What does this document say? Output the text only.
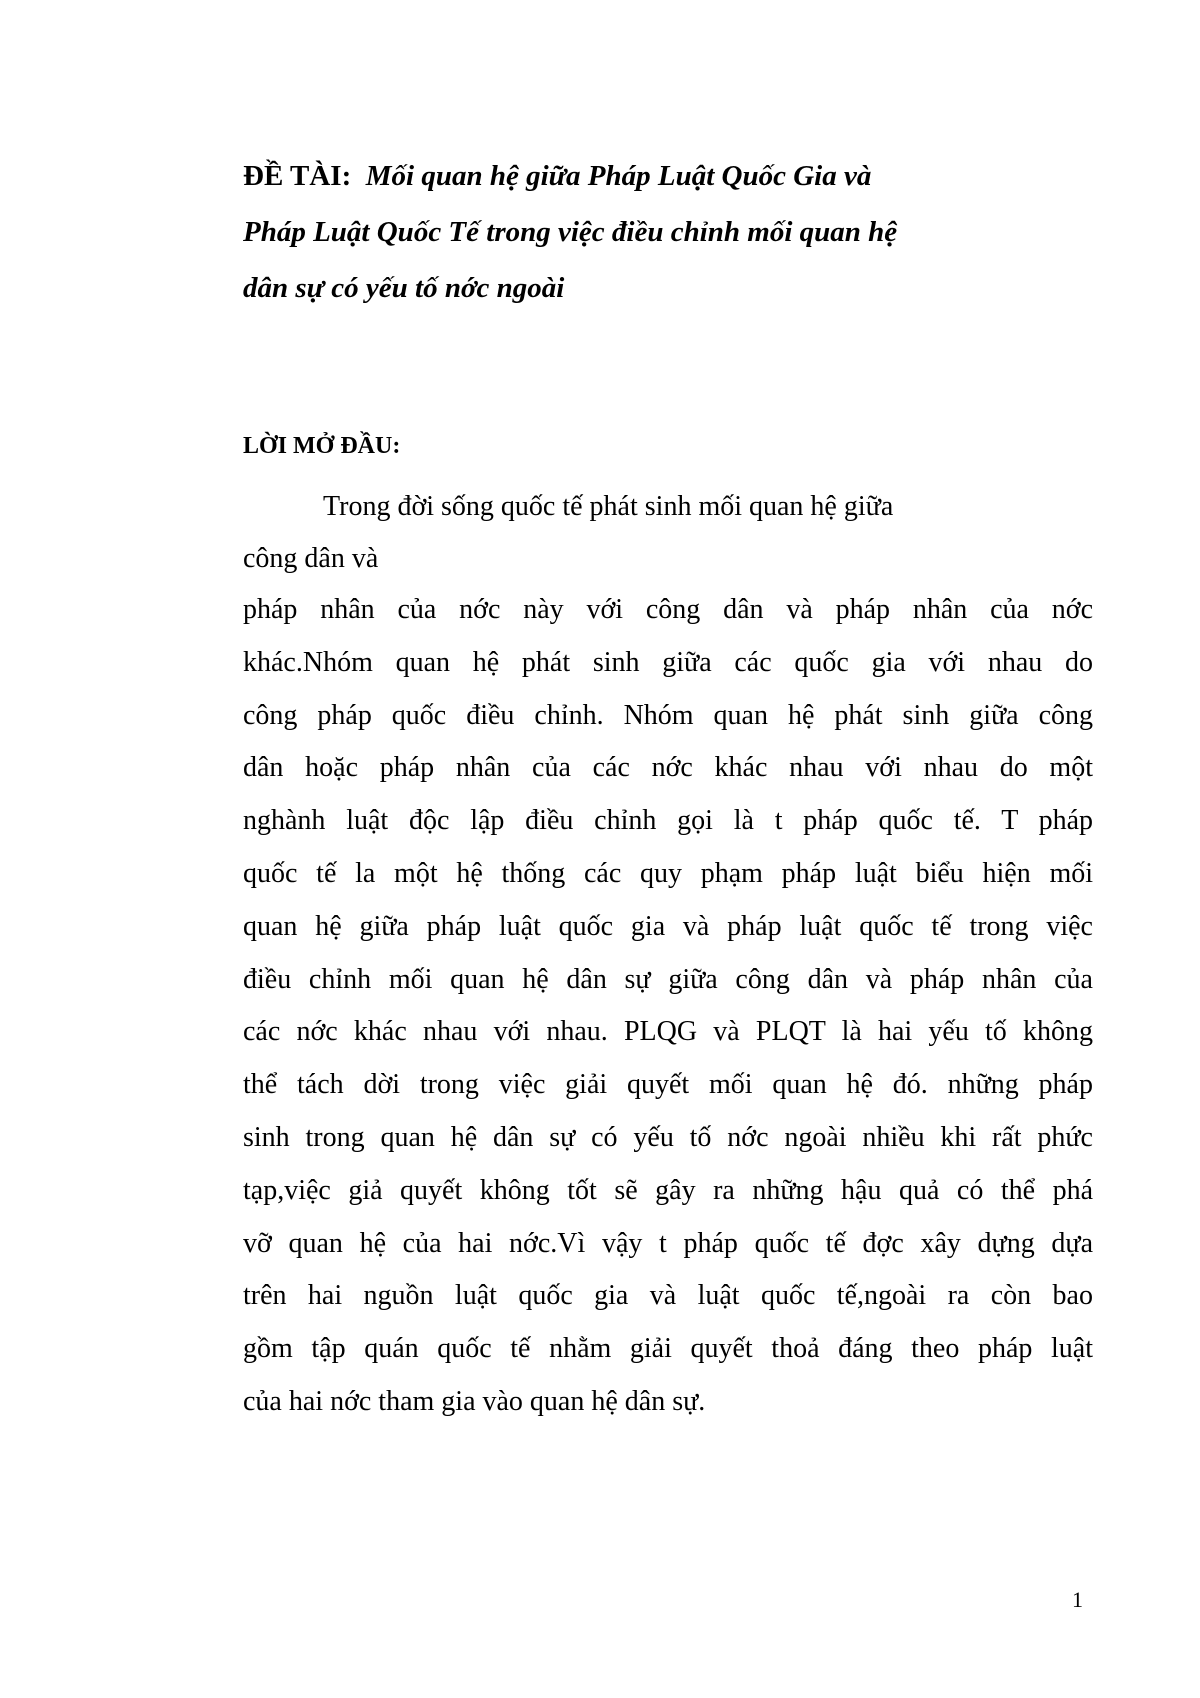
ĐỀ TÀI: Mối quan hệ giữa Pháp Luật Quốc Gia và
Pháp Luật Quốc Tế trong việc điều chỉnh mối quan hệ
dân sự có yếu tố nớc ngoài
LỜI MỞ ĐẦU:
Trong đời sống quốc tế phát sinh mối quan hệ giữa
công dân và
pháp nhân của nớc này với công dân và pháp nhân của nớc
khác.Nhóm quan hệ phát sinh giữa các quốc gia với nhau do
công pháp quốc điều chỉnh. Nhóm quan hệ phát sinh giữa công
dân hoặc pháp nhân của các nớc khác nhau với nhau do một
nghành luật độc lập điều chỉnh gọi là t pháp quốc tế. T pháp
quốc tế la một hệ thống các quy phạm pháp luật biểu hiện mối
quan hệ giữa pháp luật quốc gia và pháp luật quốc tế trong việc
điều chỉnh mối quan hệ dân sự giữa công dân và pháp nhân của
các nớc khác nhau với nhau. PLQG và PLQT là hai yếu tố không
thể tách dời trong việc giải quyết mối quan hệ đó. những pháp
sinh trong quan hệ dân sự có yếu tố nớc ngoài nhiều khi rất phức
tạp,việc giả quyết không tốt sẽ gây ra những hậu quả có thể phá
vỡ quan hệ của hai nớc.Vì vậy t pháp quốc tế đợc xây dựng dựa
trên hai nguồn luật quốc gia và luật quốc tế,ngoài ra còn bao
gồm tập quán quốc tế nhằm giải quyết thoả đáng theo pháp luật
của hai nớc tham gia vào quan hệ dân sự.
1
